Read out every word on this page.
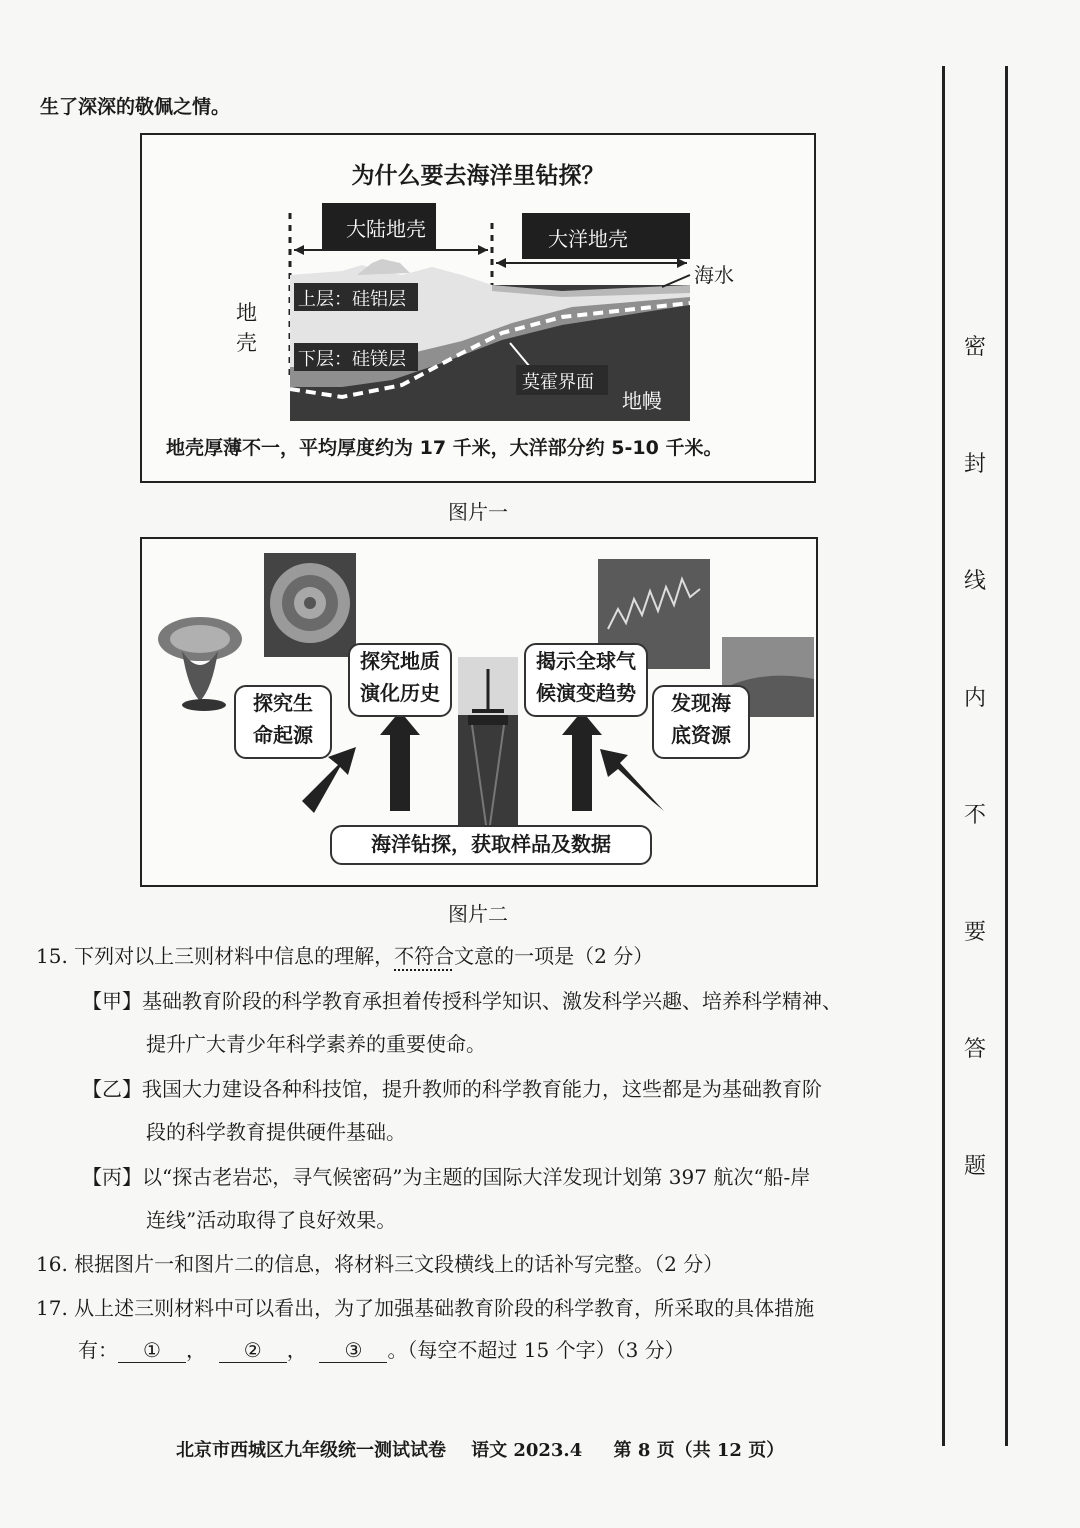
生了深深的敬佩之情。
为什么要去海洋里钻探？
大陆地壳	大洋地壳
海水
地
壳
上层：硅铝层
下层：硅镁层
莫霍界面
地幔
地壳厚薄不一，平均厚度约为 17 千米，大洋部分约 5-10 千米。
图片一
探究生
命起源
探究地质
演化历史
揭示全球气
候演变趋势	发现海
底资源
海洋钻探，获取样品及数据
图片二
15. 下列对以上三则材料中信息的理解，不符合文意的一项是（2 分）
【甲】基础教育阶段的科学教育承担着传授科学知识、激发科学兴趣、培养科学精神、
提升广大青少年科学素养的重要使命。
【乙】我国大力建设各种科技馆，提升教师的科学教育能力，这些都是为基础教育阶
段的科学教育提供硬件基础。
【丙】以“探古老岩芯，寻气候密码”为主题的国际大洋发现计划第 397 航次“船-岸
连线”活动取得了良好效果。
16. 根据图片一和图片二的信息，将材料三文段横线上的话补写完整。（2 分）
17. 从上述三则材料中可以看出，为了加强基础教育阶段的科学教育，所采取的具体措施
有： ① ， ② ， ③ 。（每空不超过 15 个字）（3 分）
北京市西城区九年级统一测试试卷    语文 2023.4     第 8 页（共 12 页）
密
封
线
内
不
要
答
题
